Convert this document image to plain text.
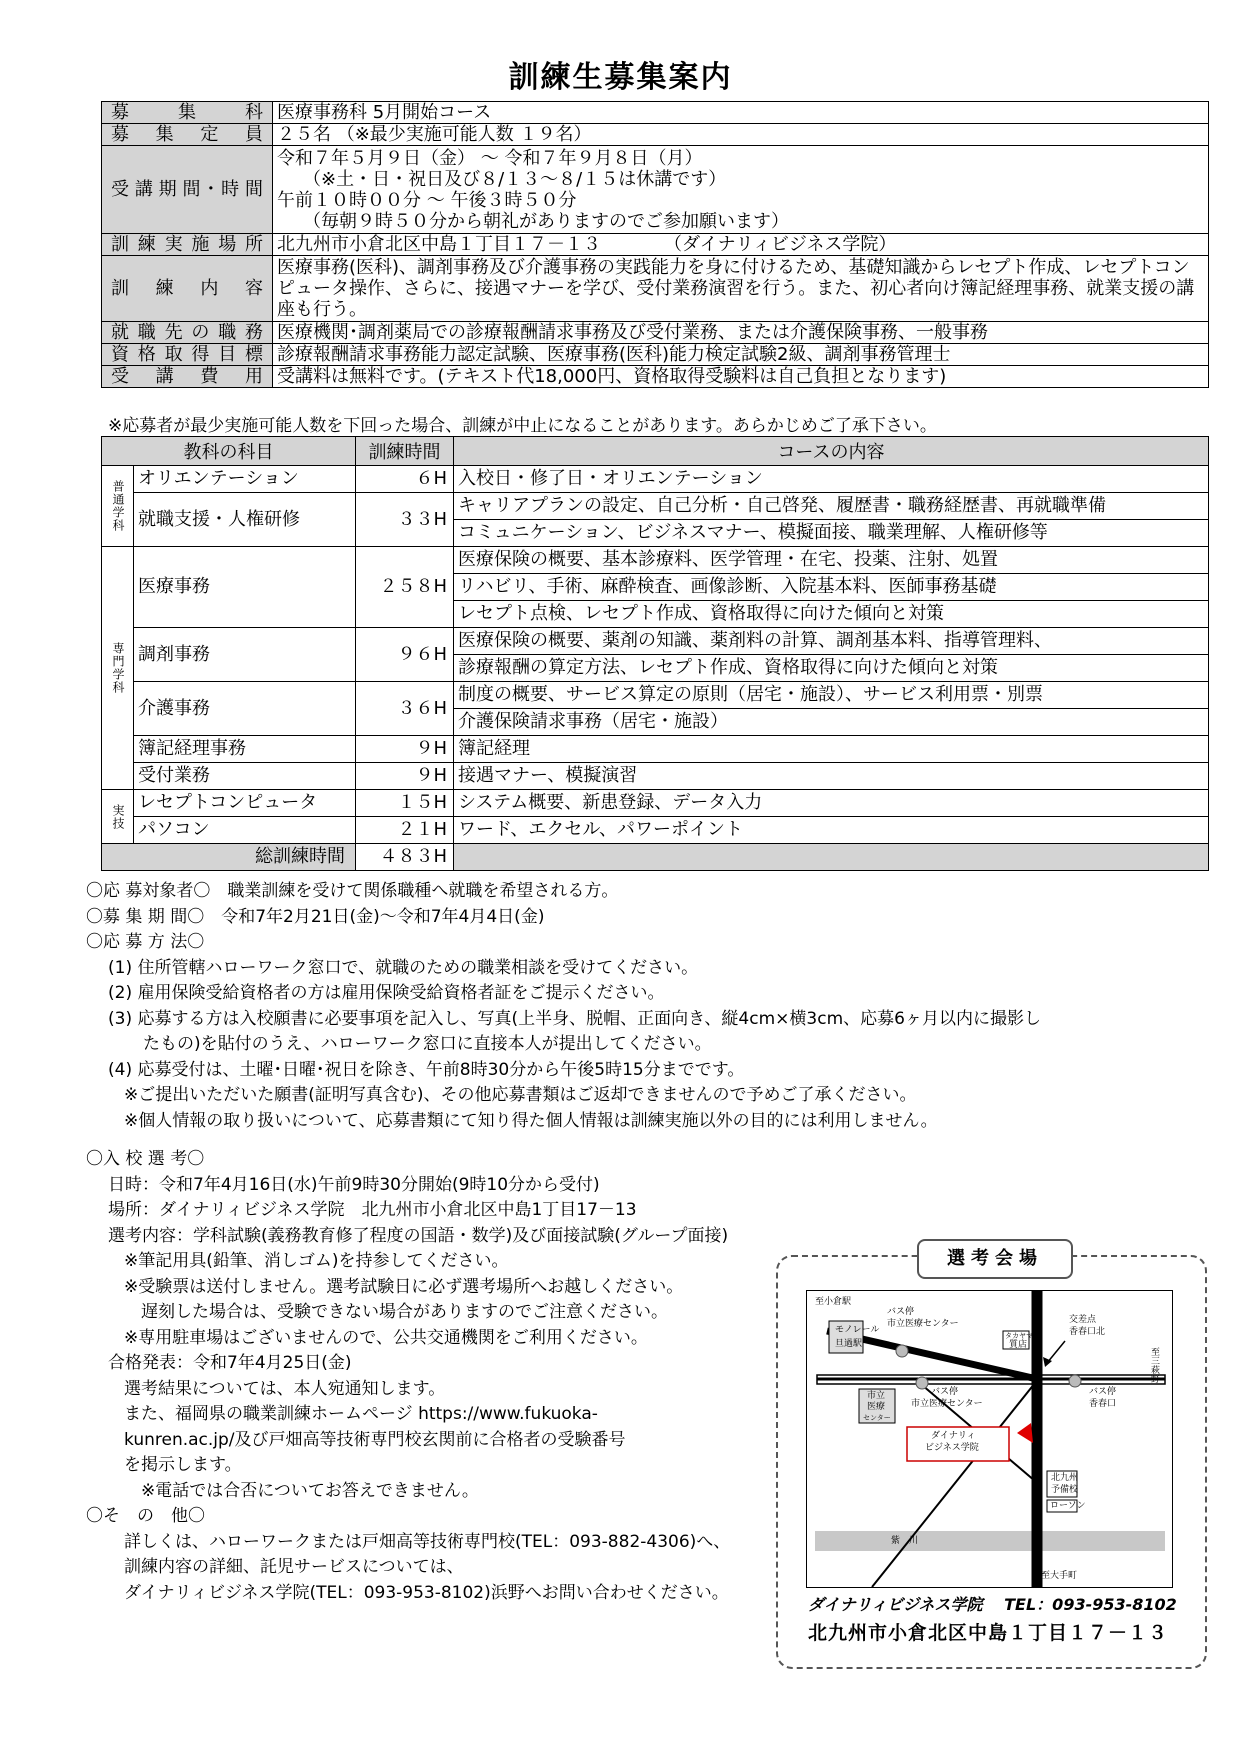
訓練生募集案内
募 集 科	医療事務科 5月開始コース
募 集 定 員	２５名 （※最少実施可能人数 １９名）
受講期間･時間	令和７年５月９日（金） ～ 令和７年９月８日（月）
（※土・日・祝日及び８/１３～８/１５は休講です）
午前１０時００分 ～ 午後３時５０分
（毎朝９時５０分から朝礼がありますのでご参加願います）

訓練実施場所	北九州市小倉北区中島１丁目１７－１３　　　　（ダイナリィビジネス学院）
訓 練 内 容	医療事務(医科)、調剤事務及び介護事務の実践能力を身に付けるため、基礎知識からレセプト作成、レセプトコンピュータ操作、さらに、接遇マナーを学び、受付業務演習を行う。また、初心者向け簿記経理事務、就業支援の講座も行う。
就職先の職務	医療機関･調剤薬局での診療報酬請求事務及び受付業務、または介護保険事務、一般事務
資格取得目標	診療報酬請求事務能力認定試験、医療事務(医科)能力検定試験2級、調剤事務管理士
受 講 費 用	受講料は無料です。(テキスト代18,000円、資格取得受験料は自己負担となります)
※応募者が最少実施可能人数を下回った場合、訓練が中止になることがあります。あらかじめご了承下さい。
教科の科目		訓練時間	コースの内容
普通学科	オリエンテーション	６H	入校日・修了日・オリエンテーション
	就職支援・人権研修	３３H	キャリアプランの設定、自己分析・自己啓発、履歴書・職務経歴書、再就職準備
			コミュニケーション、ビジネスマナー、模擬面接、職業理解、人権研修等
専門学科	医療事務	２５８H	医療保険の概要、基本診療料、医学管理・在宅、投薬、注射、処置
			リハビリ、手術、麻酔検査、画像診断、入院基本料、医師事務基礎
			レセプト点検、レセプト作成、資格取得に向けた傾向と対策
	調剤事務	９６H	医療保険の概要、薬剤の知識、薬剤料の計算、調剤基本料、指導管理料、
			診療報酬の算定方法、レセプト作成、資格取得に向けた傾向と対策
	介護事務	３６H	制度の概要、サービス算定の原則（居宅・施設）、サービス利用票・別票
			介護保険請求事務（居宅・施設）
	簿記経理事務	９H	簿記経理
	受付業務	９H	接遇マナー、模擬演習
実技	レセプトコンピュータ	１５H	システム概要、新患登録、データ入力
	パソコン	２１H	ワード、エクセル、パワーポイント
総訓練時間		４８３H	
〇応 募対象者〇　職業訓練を受けて関係職種へ就職を希望される方。
〇募 集 期 間〇　令和7年2月21日(金)～令和7年4月4日(金)
〇応 募 方 法〇
(1) 住所管轄ハローワーク窓口で、就職のための職業相談を受けてください。
(2) 雇用保険受給資格者の方は雇用保険受給資格者証をご提示ください。
(3) 応募する方は入校願書に必要事項を記入し、写真(上半身、脱帽、正面向き、縦4cm×横3cm、応募6ヶ月以内に撮影し
たもの)を貼付のうえ、ハローワーク窓口に直接本人が提出してください。
(4) 応募受付は、土曜･日曜･祝日を除き、午前8時30分から午後5時15分までです。
※ご提出いただいた願書(証明写真含む)、その他応募書類はご返却できませんので予めご了承ください。
※個人情報の取り扱いについて、応募書類にて知り得た個人情報は訓練実施以外の目的には利用しません。
〇入 校 選 考〇
日時：令和7年4月16日(水)午前9時30分開始(9時10分から受付)
場所：ダイナリィビジネス学院　北九州市小倉北区中島1丁目17－13
選考内容：学科試験(義務教育修了程度の国語・数学)及び面接試験(グループ面接)
※筆記用具(鉛筆、消しゴム)を持参してください。
※受験票は送付しません。選考試験日に必ず選考場所へお越しください。
遅刻した場合は、受験できない場合がありますのでご注意ください。
※専用駐車場はございませんので、公共交通機関をご利用ください。
合格発表：令和7年4月25日(金)
選考結果については、本人宛通知します。
また、福岡県の職業訓練ホームページ https://www.fukuoka-
kunren.ac.jp/及び戸畑高等技術専門校玄関前に合格者の受験番号
を掲示します。
※電話では合否についてお答えできません。
〇そ　の　他〇
詳しくは、ハローワークまたは戸畑高等技術専門校(TEL：093-882-4306)へ、
訓練内容の詳細、託児サービスについては、
ダイナリィビジネス学院(TEL：093-953-8102)浜野へお問い合わせください。
選考会場
至小倉駅
モノレール
旦過駅
バス停
市立医療センター
タカヤマ
質店
交差点
香春口北
至三萩野
市立
医療
センター
バス停
市立医療センター
バス停
香春口
ダイナリィ
ビジネス学院
北九州
予備校
ローソン
紫　川
至大手町
ダイナリィビジネス学院　 TEL：093-953-8102
北九州市小倉北区中島１丁目１７－１３
